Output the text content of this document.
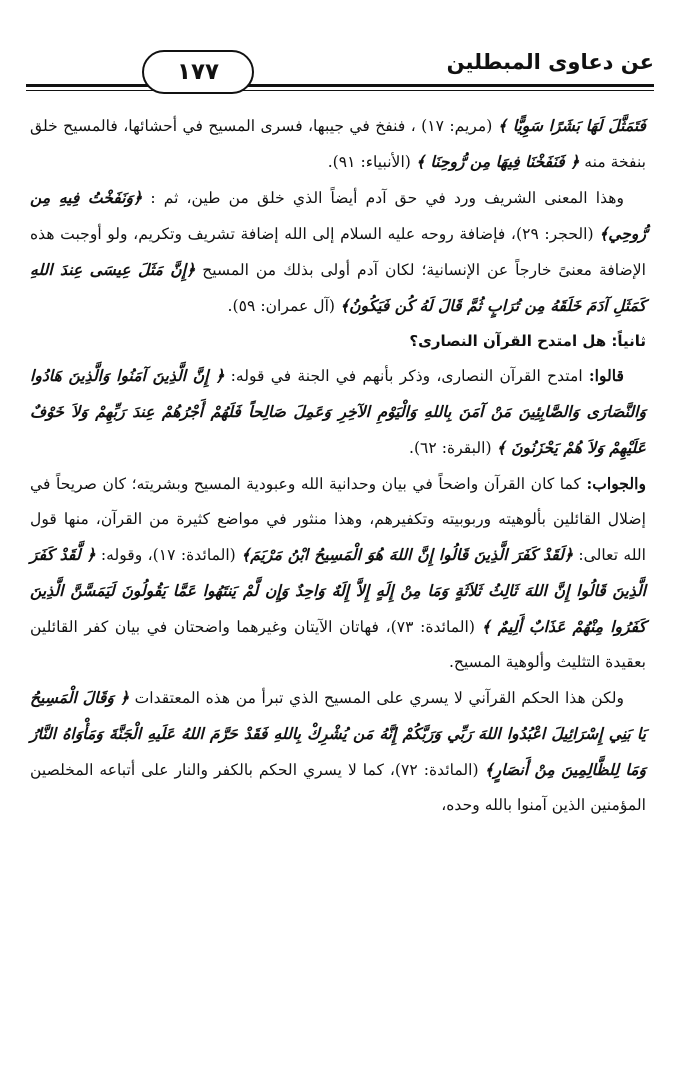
عن دعاوى المبطلين
١٧٧

فَتَمَثَّلَ لَهَا بَشَرًا سَوِيًّا ﴾ (مريم: ١٧) ، فنفخ في جيبها، فسرى المسيح في أحشائها، فالمسيح خلق بنفخة منه ﴿ فَنَفَخْنَا فِيهَا مِن رُّوحِنَا ﴾ (الأنبياء: ٩١).

وهذا المعنى الشريف ورد في حق آدم أيضاً الذي خلق من طين، ثم : ﴿وَنَفَخْتُ فِيهِ مِن رُّوحِي﴾ (الحجر: ٢٩)، فإضافة روحه عليه السلام إلى الله إضافة تشريف وتكريم، ولو أوجبت هذه الإضافة معنىً خارجاً عن الإنسانية؛ لكان آدم أولى بذلك من المسيح ﴿إِنَّ مَثَلَ عِيسَى عِندَ اللهِ كَمَثَلِ آدَمَ خَلَقَهُ مِن تُرَابٍ ثُمَّ قَالَ لَهُ كُن فَيَكُونُ﴾ (آل عمران: ٥٩).

ثانياً: هل امتدح القرآن النصارى؟

قالوا: امتدح القرآن النصارى، وذكر بأنهم في الجنة في قوله: ﴿ إِنَّ الَّذِينَ آمَنُوا وَالَّذِينَ هَادُوا وَالنَّصَارَى وَالصَّابِئِينَ مَنْ آمَنَ بِاللهِ وَالْيَوْمِ الآخِرِ وَعَمِلَ صَالِحاً فَلَهُمْ أَجْرُهُمْ عِندَ رَبِّهِمْ وَلاَ خَوْفٌ عَلَيْهِمْ وَلاَ هُمْ يَحْزَنُونَ ﴾ (البقرة: ٦٢).

والجواب: كما كان القرآن واضحاً في بيان وحدانية الله وعبودية المسيح وبشريته؛ كان صريحاً في إضلال القائلين بألوهيته وربوبيته وتكفيرهم، وهذا منثور في مواضع كثيرة من القرآن، منها قول الله تعالى: ﴿لَقَدْ كَفَرَ الَّذِينَ قَالُوا إِنَّ اللهَ هُوَ الْمَسِيحُ ابْنُ مَرْيَمَ﴾ (المائدة: ١٧)، وقوله: ﴿ لَّقَدْ كَفَرَ الَّذِينَ قَالُوا إِنَّ اللهَ ثَالِثُ ثَلاَثَةٍ وَمَا مِنْ إِلَهٍ إِلاَّ إِلَهٌ وَاحِدٌ وَإِن لَّمْ يَنتَهُوا عَمَّا يَقُولُونَ لَيَمَسَّنَّ الَّذِينَ كَفَرُوا مِنْهُمْ عَذَابٌ أَلِيمٌ ﴾ (المائدة: ٧٣)، فهاتان الآيتان وغيرهما واضحتان في بيان كفر القائلين بعقيدة التثليث وألوهية المسيح.

ولكن هذا الحكم القرآني لا يسري على المسيح الذي تبرأ من هذه المعتقدات ﴿ وَقَالَ الْمَسِيحُ يَا بَنِي إِسْرَائِيلَ اعْبُدُوا اللهَ رَبِّي وَرَبَّكُمْ إِنَّهُ مَن يُشْرِكْ بِاللهِ فَقَدْ حَرَّمَ اللهُ عَلَيهِ الْجَنَّةَ وَمَأْوَاهُ النَّارُ وَمَا لِلظَّالِمِينَ مِنْ أَنصَارٍ﴾ (المائدة: ٧٢)، كما لا يسري الحكم بالكفر والنار على أتباعه المخلصين المؤمنين الذين آمنوا بالله وحده،
